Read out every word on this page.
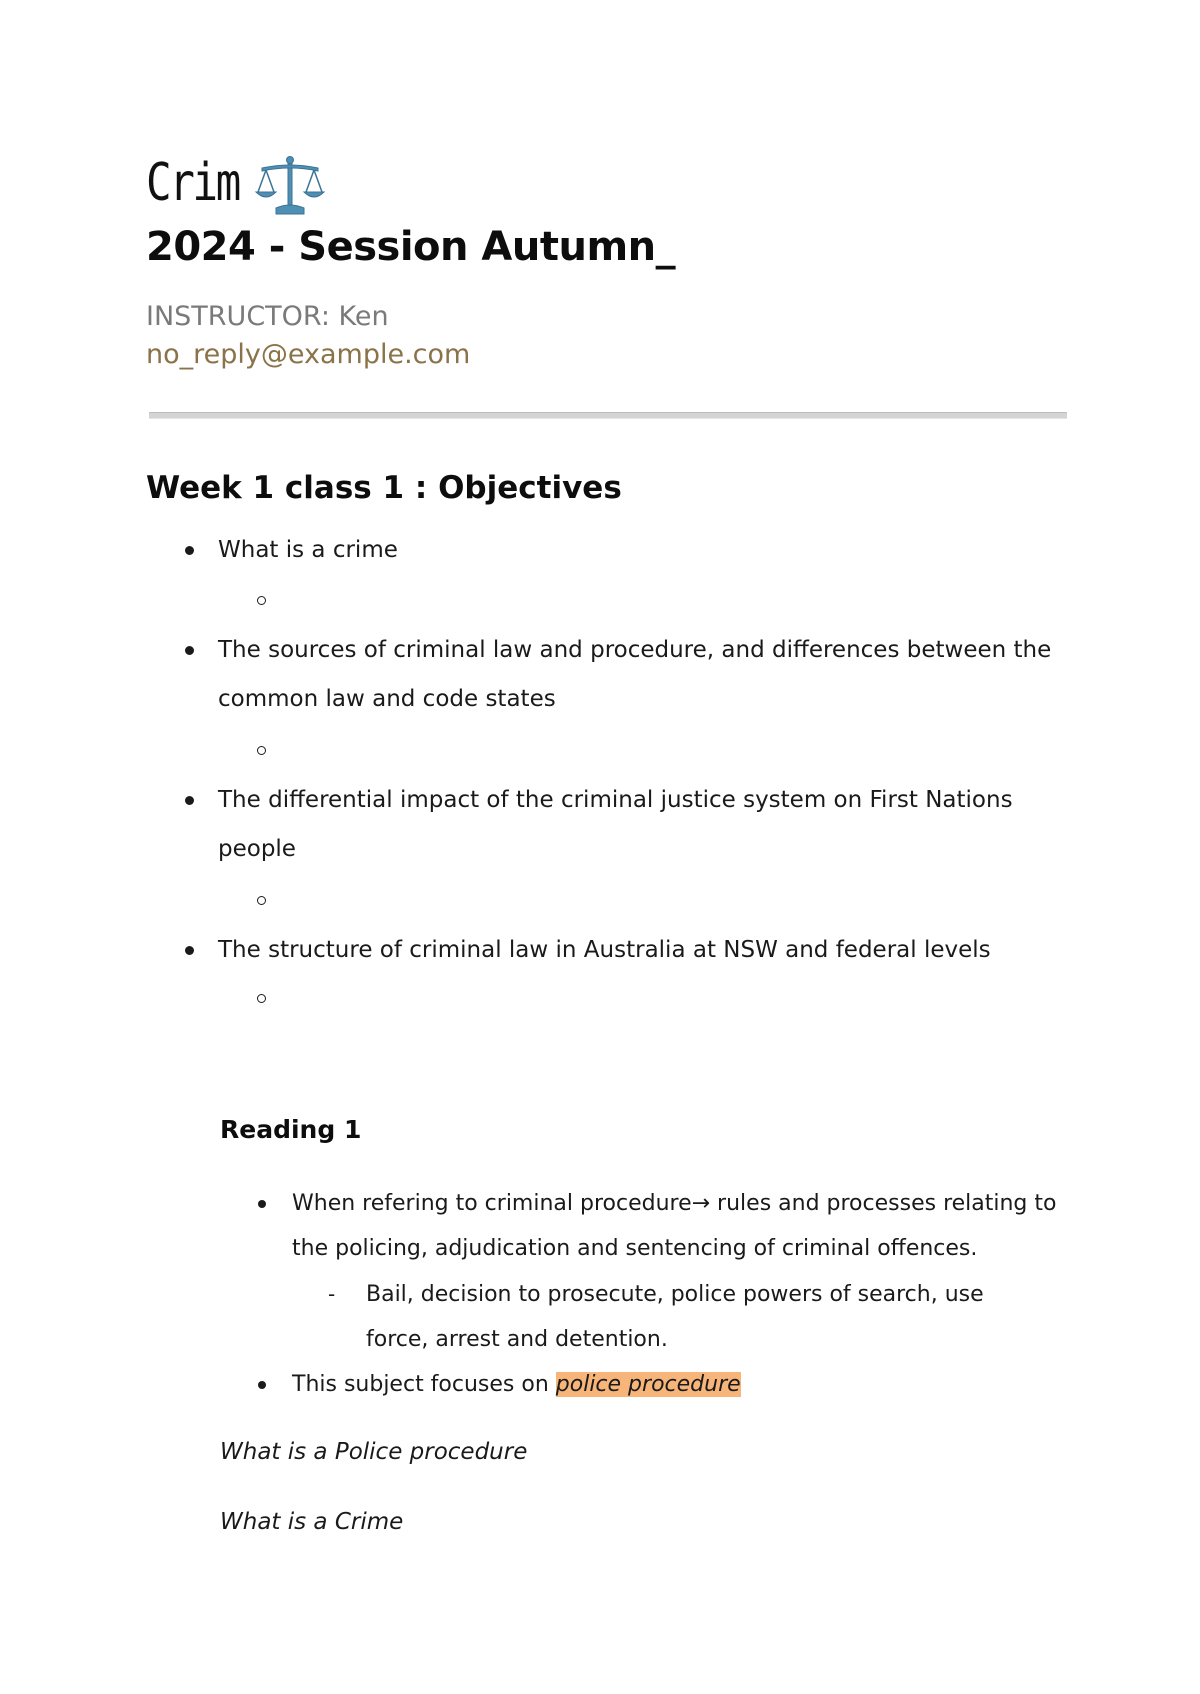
Crim
2024 - Session Autumn_
INSTRUCTOR: Ken
no_reply@example.com
Week 1 class 1 : Objectives
What is a crime
The sources of criminal law and procedure, and differences between the common law and code states
The differential impact of the criminal justice system on First Nations people
The structure of criminal law in Australia at NSW and federal levels
Reading 1
When refering to criminal procedure→ rules and processes relating to the policing, adjudication and sentencing of criminal offences.
- Bail, decision to prosecute, police powers of search, use force, arrest and detention.
This subject focuses on police procedure
What is a Police procedure
What is a Crime
